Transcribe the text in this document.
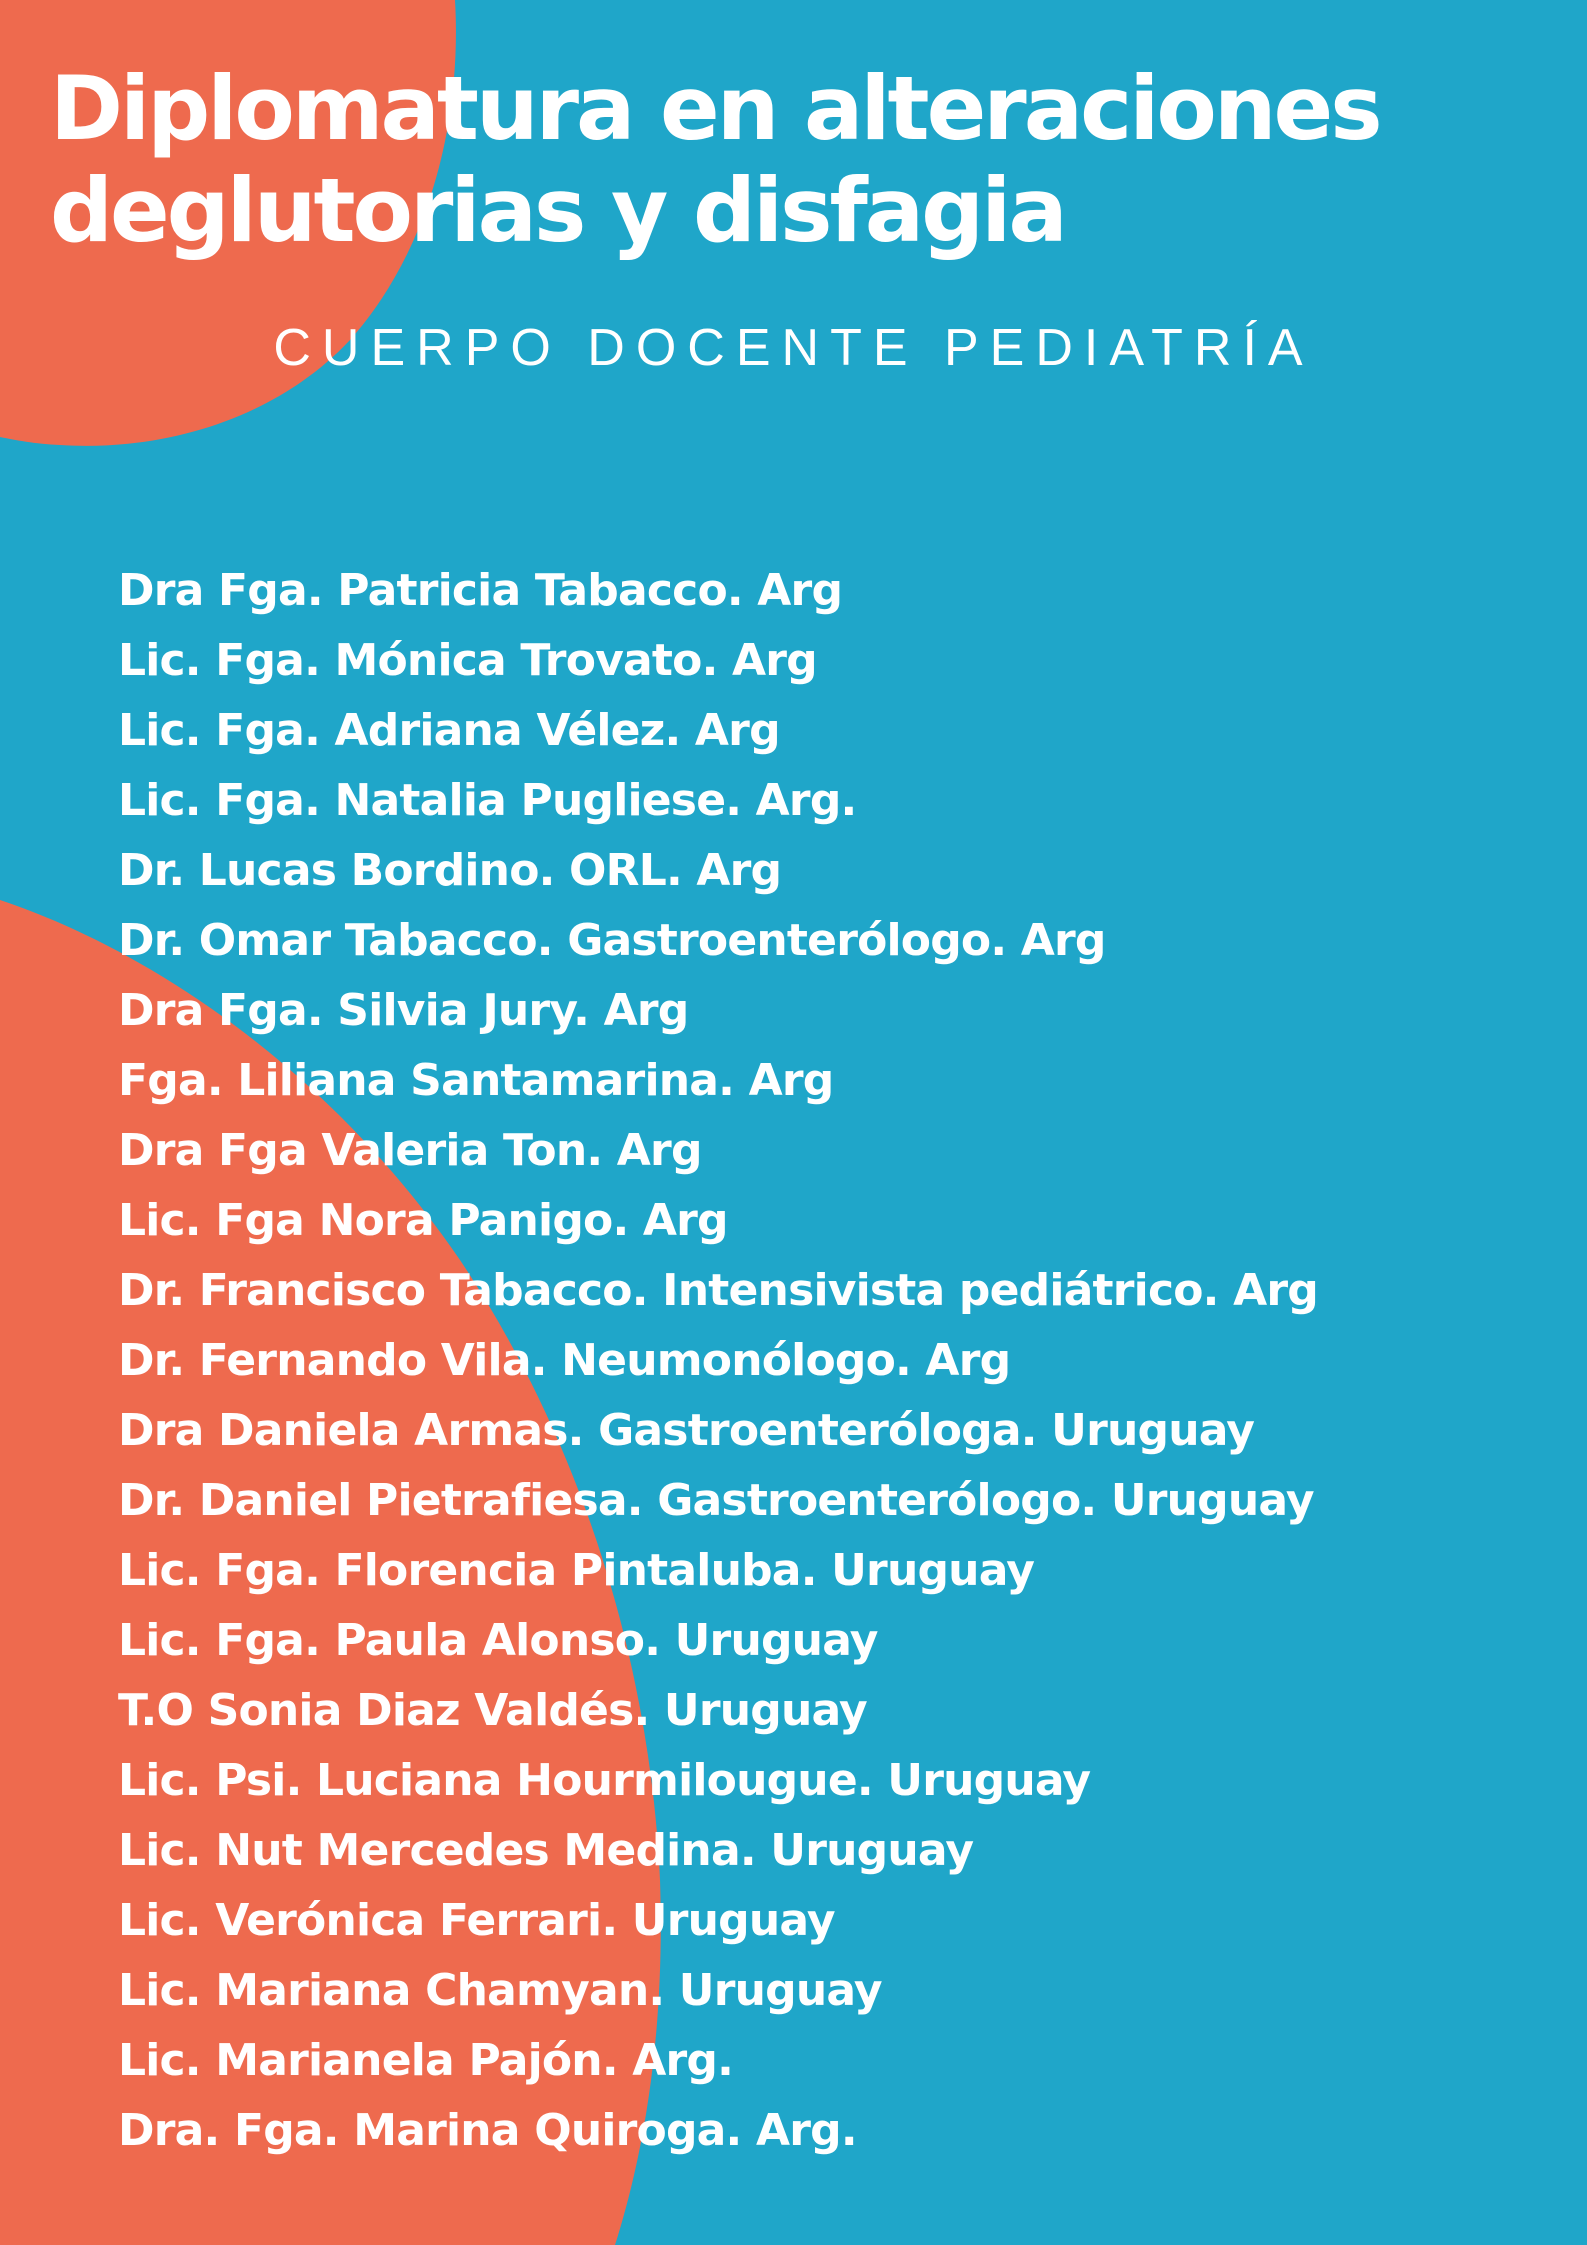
Diplomatura en alteraciones
deglutorias y disfagia
CUERPO DOCENTE PEDIATRÍA
Dra Fga. Patricia Tabacco. Arg
Lic. Fga. Mónica Trovato. Arg
Lic. Fga. Adriana Vélez. Arg
Lic. Fga. Natalia Pugliese. Arg.
Dr. Lucas Bordino. ORL. Arg
Dr. Omar Tabacco. Gastroenterólogo. Arg
Dra Fga. Silvia Jury. Arg
Fga. Liliana Santamarina. Arg
Dra Fga Valeria Ton. Arg
Lic. Fga Nora Panigo. Arg
Dr. Francisco Tabacco. Intensivista pediátrico. Arg
Dr. Fernando Vila. Neumonólogo. Arg
Dra Daniela Armas. Gastroenteróloga. Uruguay
Dr. Daniel Pietrafiesa. Gastroenterólogo. Uruguay
Lic. Fga. Florencia Pintaluba. Uruguay
Lic. Fga. Paula Alonso. Uruguay
T.O Sonia Diaz Valdés. Uruguay
Lic. Psi. Luciana Hourmilougue. Uruguay
Lic. Nut Mercedes Medina. Uruguay
Lic. Verónica Ferrari. Uruguay
Lic. Mariana Chamyan. Uruguay
Lic. Marianela Pajón. Arg.
Dra. Fga. Marina Quiroga. Arg.
